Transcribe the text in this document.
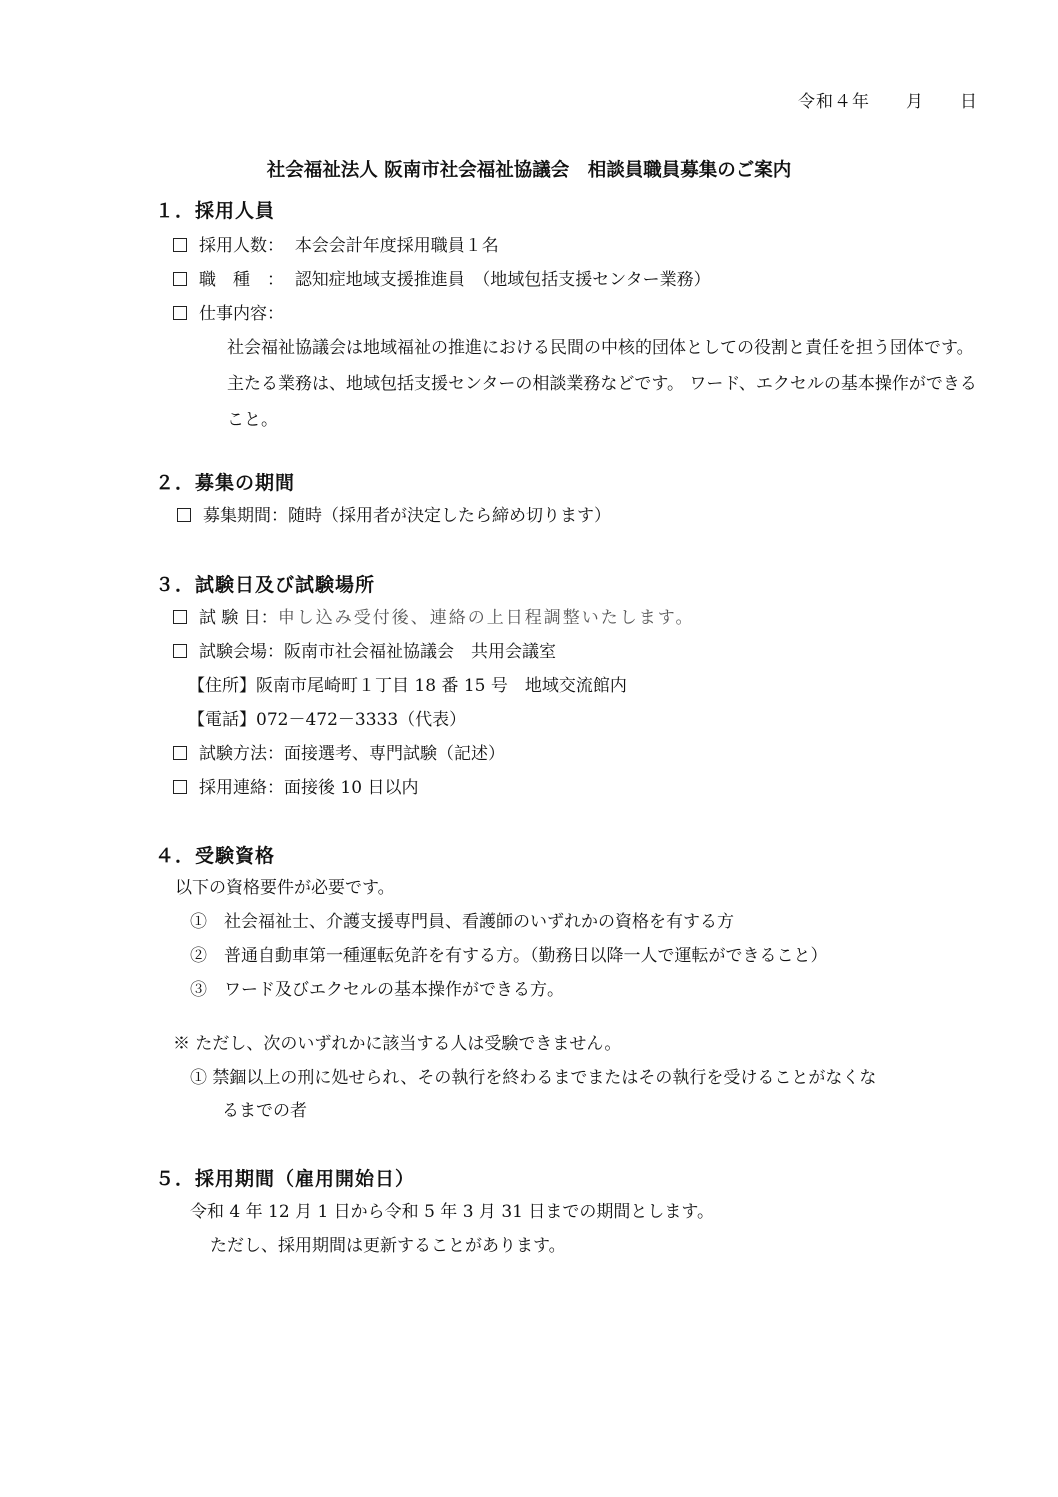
令和４年　　月　　日
社会福祉法人 阪南市社会福祉協議会　相談員職員募集のご案内
１．採用人員
採用人数： 本会会計年度採用職員１名
職　種　： 認知症地域支援推進員　（地域包括支援センター業務）
仕事内容：
社会福祉協議会は地域福祉の推進における民間の中核的団体としての役割と責任を担う団体です。主たる業務は、地域包括支援センターの相談業務などです。 ワード、エクセルの基本操作ができること。
２．募集の期間
募集期間：随時（採用者が決定したら締め切ります）
３．試験日及び試験場所
試 験 日：申し込み受付後、連絡の上日程調整いたします。
試験会場：阪南市社会福祉協議会　共用会議室
【住所】阪南市尾崎町１丁目 18 番 15 号　地域交流館内
【電話】072－472－3333（代表）
試験方法：面接選考、専門試験（記述）
採用連絡：面接後 10 日以内
４．受験資格
以下の資格要件が必要です。
①　社会福祉士、介護支援専門員、看護師のいずれかの資格を有する方
②　普通自動車第一種運転免許を有する方。（勤務日以降一人で運転ができること）
③　ワード及びエクセルの基本操作ができる方。
※ ただし、次のいずれかに該当する人は受験できません。
① 禁錮以上の刑に処せられ、その執行を終わるまでまたはその執行を受けることがなくな
るまでの者
５．採用期間（雇用開始日）
令和 4 年 12 月 1 日から令和 5 年 3 月 31 日までの期間とします。
ただし、採用期間は更新することがあります。
